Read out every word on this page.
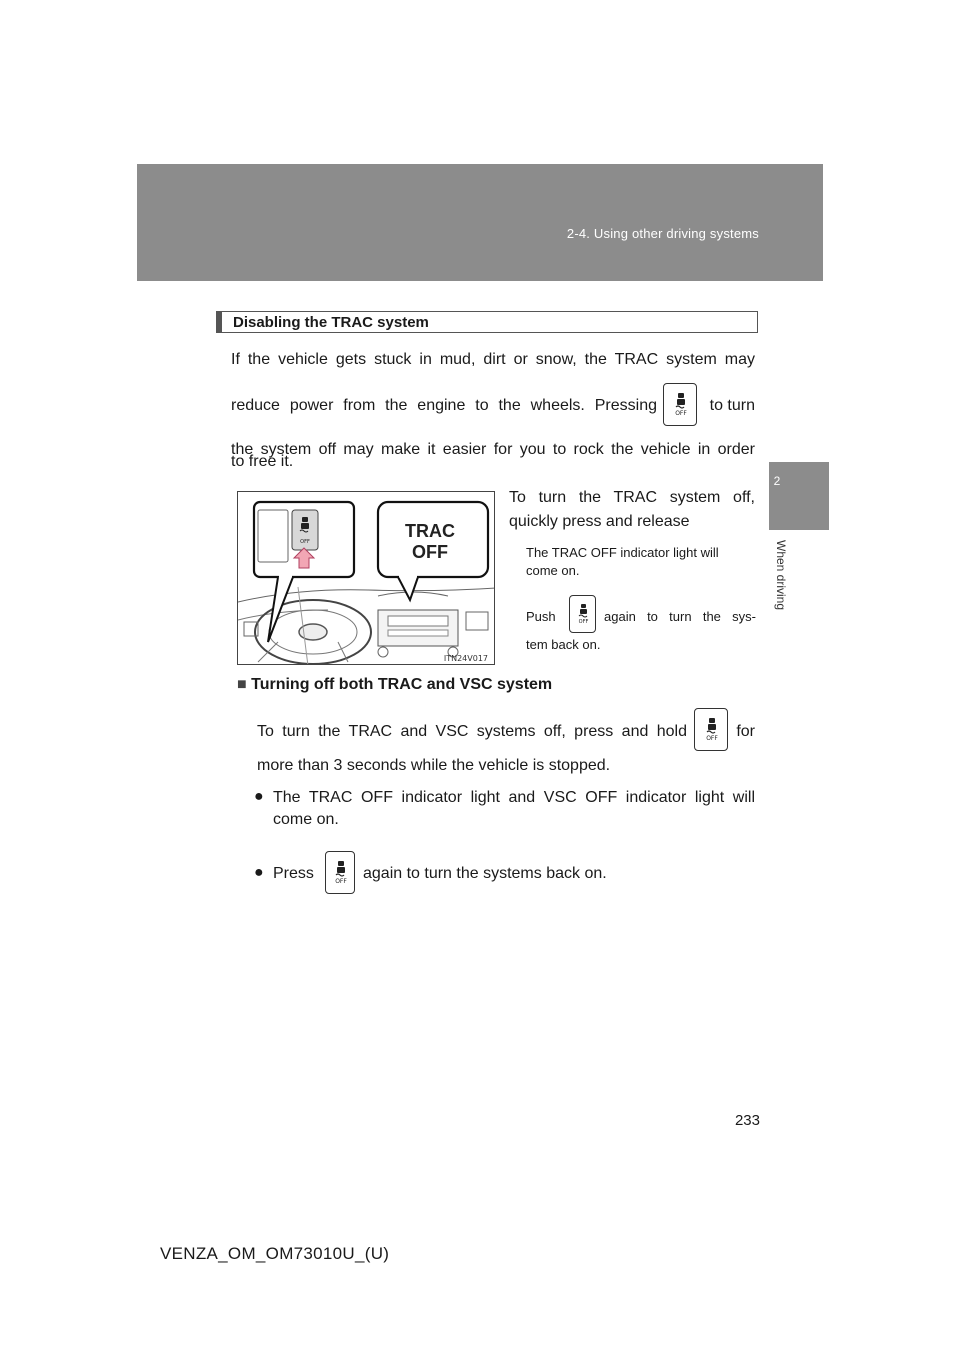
2-4. Using other driving systems
2
When driving
Disabling the TRAC system
If the vehicle gets stuck in mud, dirt or snow, the TRAC system may
reduce power from the engine to the wheels. Pressing	to turn
OFF
the system off may make it easier for you to rock the vehicle in order
to free it.
OFF
TRAC
OFF
ITN24V017
To turn the TRAC system off,
quickly press and release
The TRAC OFF indicator light will
come on.
Push	again to turn the sys-
OFF
tem back on.
■ Turning off both TRAC and VSC system
To turn the TRAC and VSC systems off, press and hold	for
OFF
more than 3 seconds while the vehicle is stopped.
● The TRAC OFF indicator light and VSC OFF indicator light will
come on.
● Press	again to turn the systems back on.
OFF
233
VENZA_OM_OM73010U_(U)
